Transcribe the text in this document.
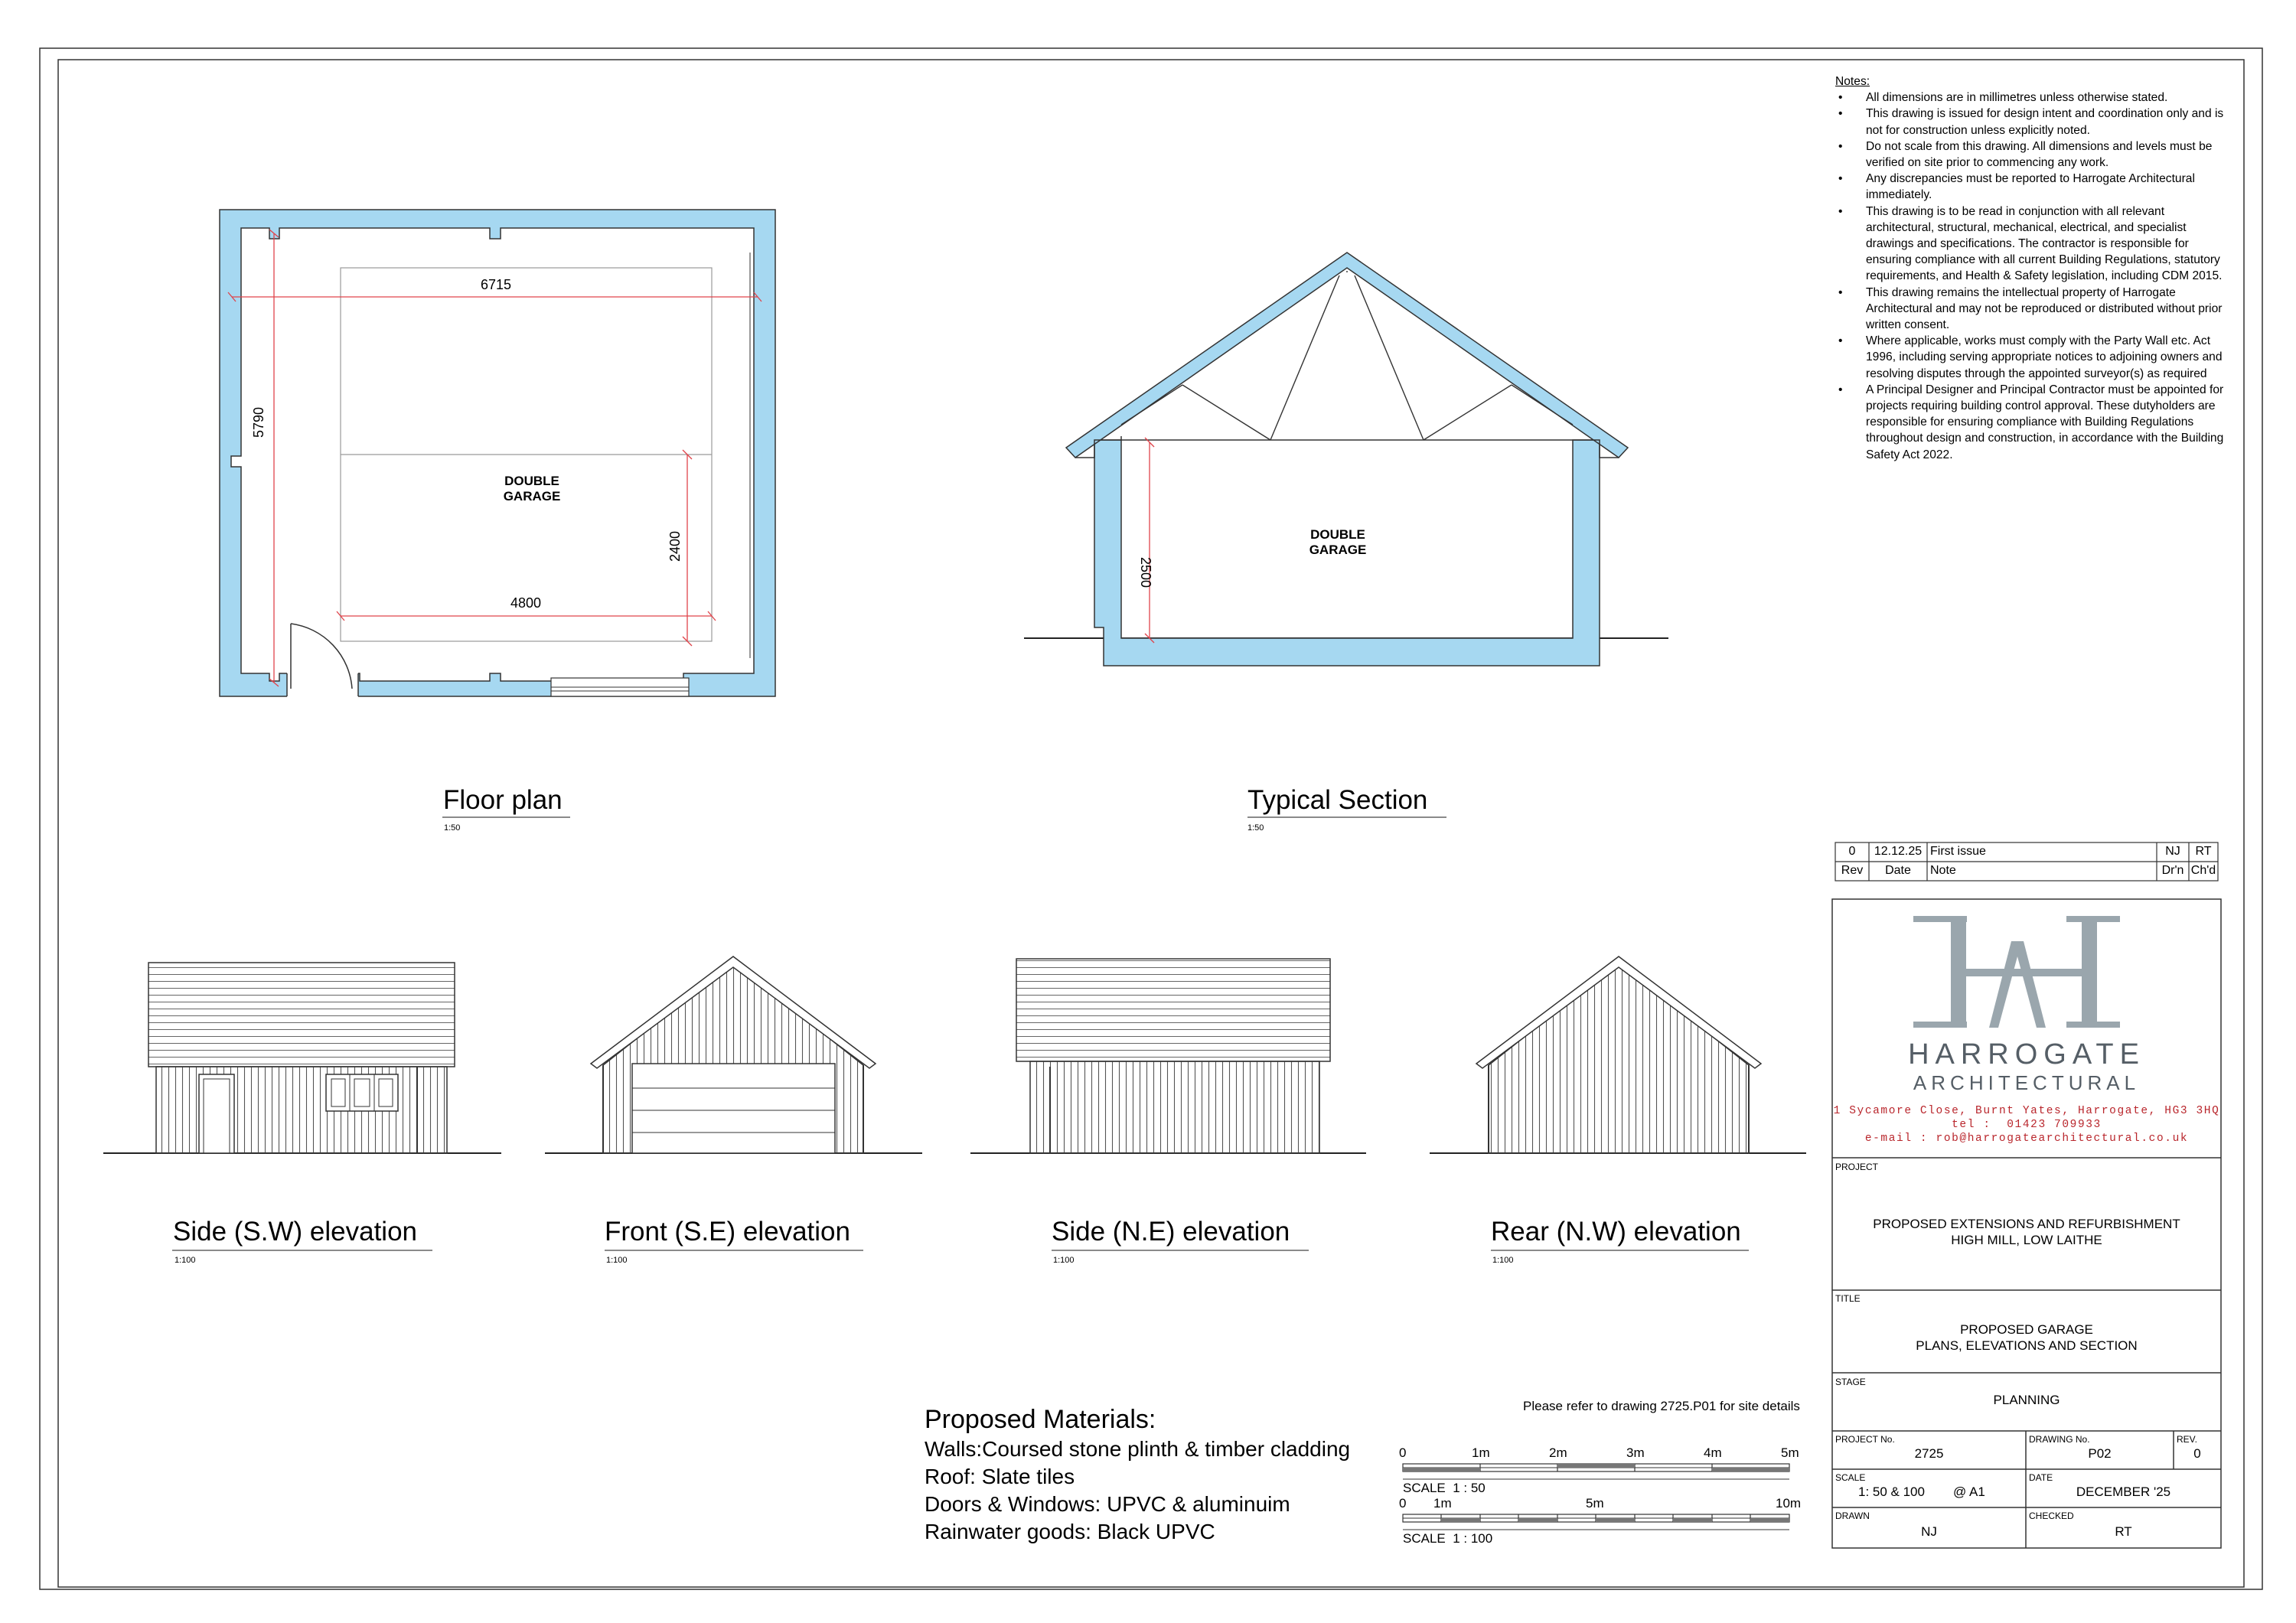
Notes:
• All dimensions are in millimetres unless otherwise stated.
• This drawing is issued for design intent and coordination only and is not for construction unless explicitly noted.
• Do not scale from this drawing. All dimensions and levels must be verified on site prior to commencing any work.
• Any discrepancies must be reported to Harrogate Architectural immediately.
• This drawing is to be read in conjunction with all relevant architectural, structural, mechanical, electrical, and specialist drawings and specifications. The contractor is responsible for ensuring compliance with all current Building Regulations, statutory requirements, and Health & Safety legislation, including CDM 2015.
• This drawing remains the intellectual property of Harrogate Architectural and may not be reproduced or distributed without prior written consent.
• Where applicable, works must comply with the Party Wall etc. Act 1996, including serving appropriate notices to adjoining owners and resolving disputes through the appointed surveyor(s) as required
• A Principal Designer and Principal Contractor must be appointed for projects requiring building control approval. These dutyholders are responsible for ensuring compliance with Building Regulations throughout design and construction, in accordance with the Building Safety Act 2022.
6715
5790
4800
2400
DOUBLE
GARAGE
Floor plan
1:50
DOUBLE
GARAGE
2500
Typical Section
1:50
Side (S.W) elevation
1:100
Front (S.E) elevation
1:100
Side (N.E) elevation
1:100
Rear (N.W) elevation
1:100
Proposed Materials:
Walls:Coursed stone plinth & timber cladding
Roof: Slate tiles
Doors & Windows: UPVC & aluminuim
Rainwater goods: Black UPVC
Please refer to drawing 2725.P01 for site details
0	1m	2m	3m	4m	5m
SCALE  1 : 50
0 1m	5m	10m
SCALE  1 : 100
0	12.12.25 First issue	NJ	RT
Rev	Date	Note	Dr'n Ch'd
HARROGATE
ARCHITECTURAL
1 Sycamore Close, Burnt Yates, Harrogate, HG3 3HQ
tel :  01423 709933
e-mail : rob@harrogatearchitectural.co.uk
PROJECT
PROPOSED EXTENSIONS AND REFURBISHMENT
HIGH MILL, LOW LAITHE
TITLE
PROPOSED GARAGE
PLANS, ELEVATIONS AND SECTION
STAGE
PLANNING
PROJECT No.
2725
DRAWING No.
P02
REV.
0
SCALE
1: 50 & 100 @ A1
DATE
DECEMBER '25
DRAWN
NJ
CHECKED
RT
